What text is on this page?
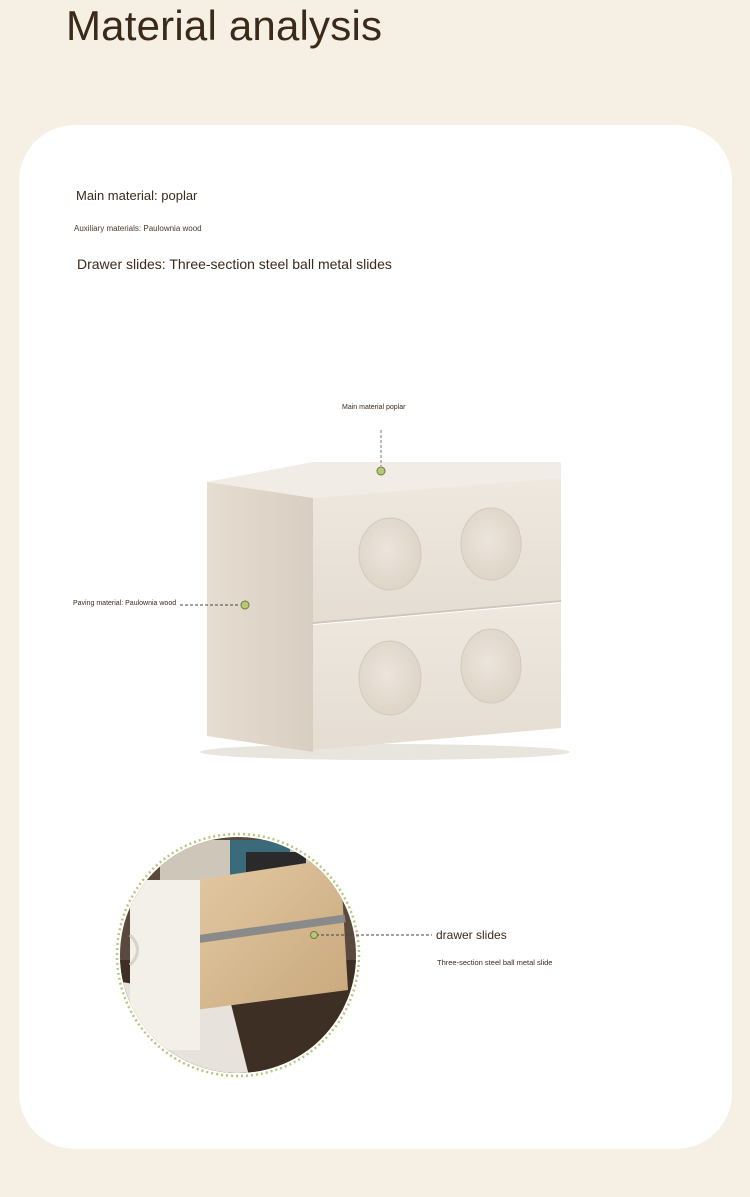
Material analysis

Main material: poplar

Auxiliary materials: Paulownia wood

Drawer slides: Three-section steel ball metal slides

Main material poplar
Paving material: Paulownia wood
drawer slides
Three-section steel ball metal slide
